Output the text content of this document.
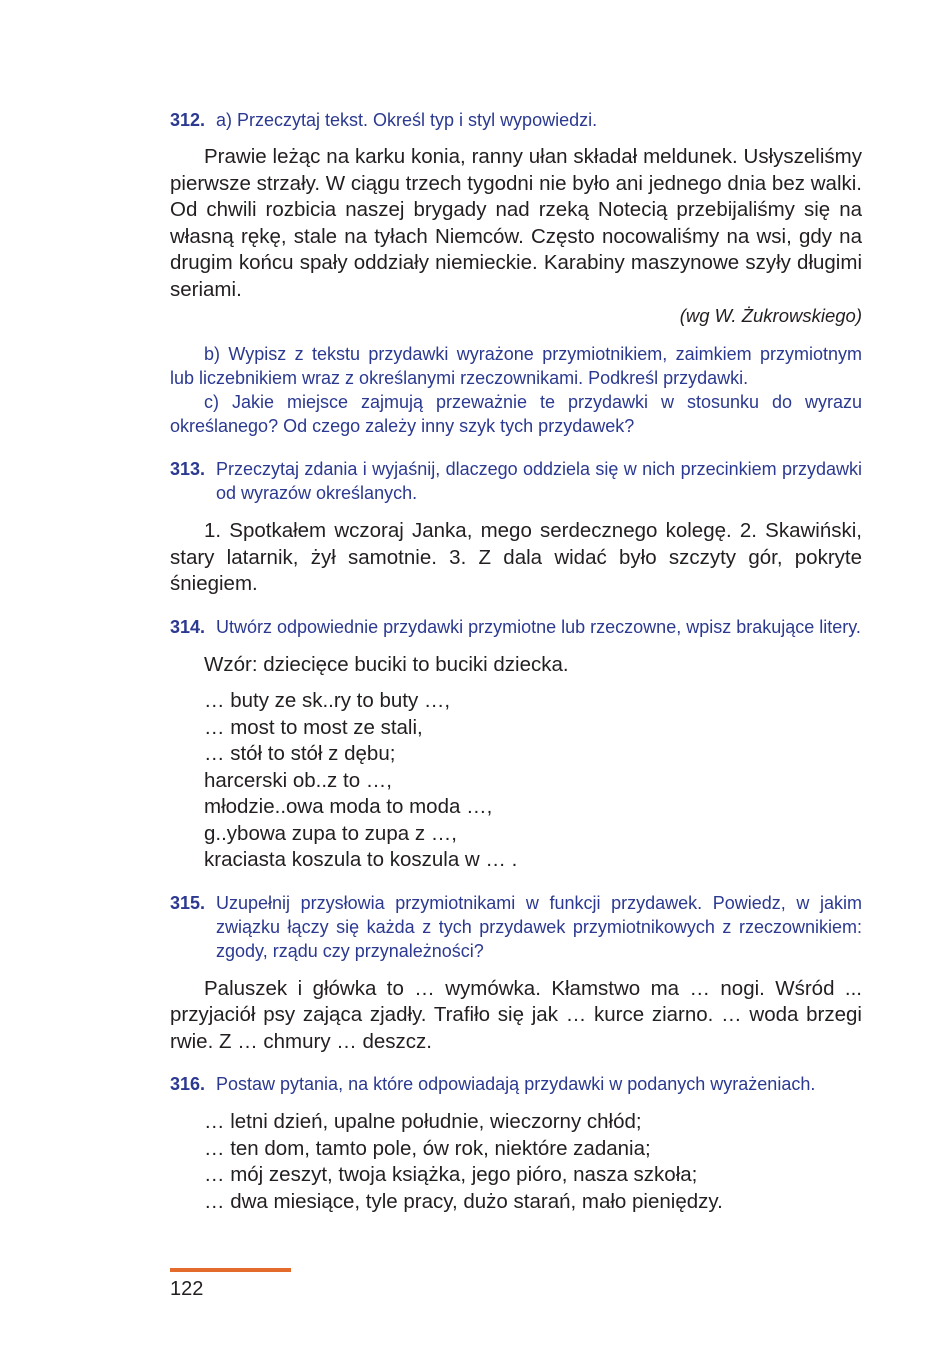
312. a) Przeczytaj tekst. Określ typ i styl wypowiedzi.

Prawie leżąc na karku konia, ranny ułan składał meldunek. Usłyszeliśmy pierwsze strzały. W ciągu trzech tygodni nie było ani jednego dnia bez walki. Od chwili rozbicia naszej brygady nad rzeką Notecią przebijaliśmy się na własną rękę, stale na tyłach Niemców. Często nocowaliśmy na wsi, gdy na drugim końcu spały oddziały niemieckie. Karabiny maszynowe szyły długimi seriami.

(wg W. Żukrowskiego)
b) Wypisz z tekstu przydawki wyrażone przymiotnikiem, zaimkiem przymiotnym lub liczebnikiem wraz z określanymi rzeczownikami. Podkreśl przydawki.
c) Jakie miejsce zajmują przeważnie te przydawki w stosunku do wyrazu określanego? Od czego zależy inny szyk tych przydawek?
313. Przeczytaj zdania i wyjaśnij, dlaczego oddziela się w nich przecinkiem przydawki od wyrazów określanych.

1. Spotkałem wczoraj Janka, mego serdecznego kolegę. 2. Skawiński, stary latarnik, żył samotnie. 3. Z dala widać było szczyty gór, pokryte śniegiem.

314. Utwórz odpowiednie przydawki przymiotne lub rzeczowne, wpisz brakujące litery.
Wzór: dziecięce buciki to buciki dziecka.
… buty ze sk..ry to buty …,
… most to most ze stali,
… stół to stół z dębu;
harcerski ob..z to …,
młodzie..owa moda to moda …,
g..ybowa zupa to zupa z …,
kraciasta koszula to koszula w … .
315. Uzupełnij przysłowia przymiotnikami w funkcji przydawek. Powiedz, w jakim związku łączy się każda z tych przydawek przymiotnikowych z rzeczownikiem: zgody, rządu czy przynależności?

Paluszek i główka to … wymówka. Kłamstwo ma … nogi. Wśród ... przyjaciół psy zająca zjadły. Trafiło się jak … kurce ziarno. … woda brzegi rwie. Z … chmury … deszcz.

316. Postaw pytania, na które odpowiadają przydawki w podanych wyrażeniach.
… letni dzień, upalne południe, wieczorny chłód;
… ten dom, tamto pole, ów rok, niektóre zadania;
… mój zeszyt, twoja książka, jego pióro, nasza szkoła;
… dwa miesiące, tyle pracy, dużo starań, mało pieniędzy.
122
